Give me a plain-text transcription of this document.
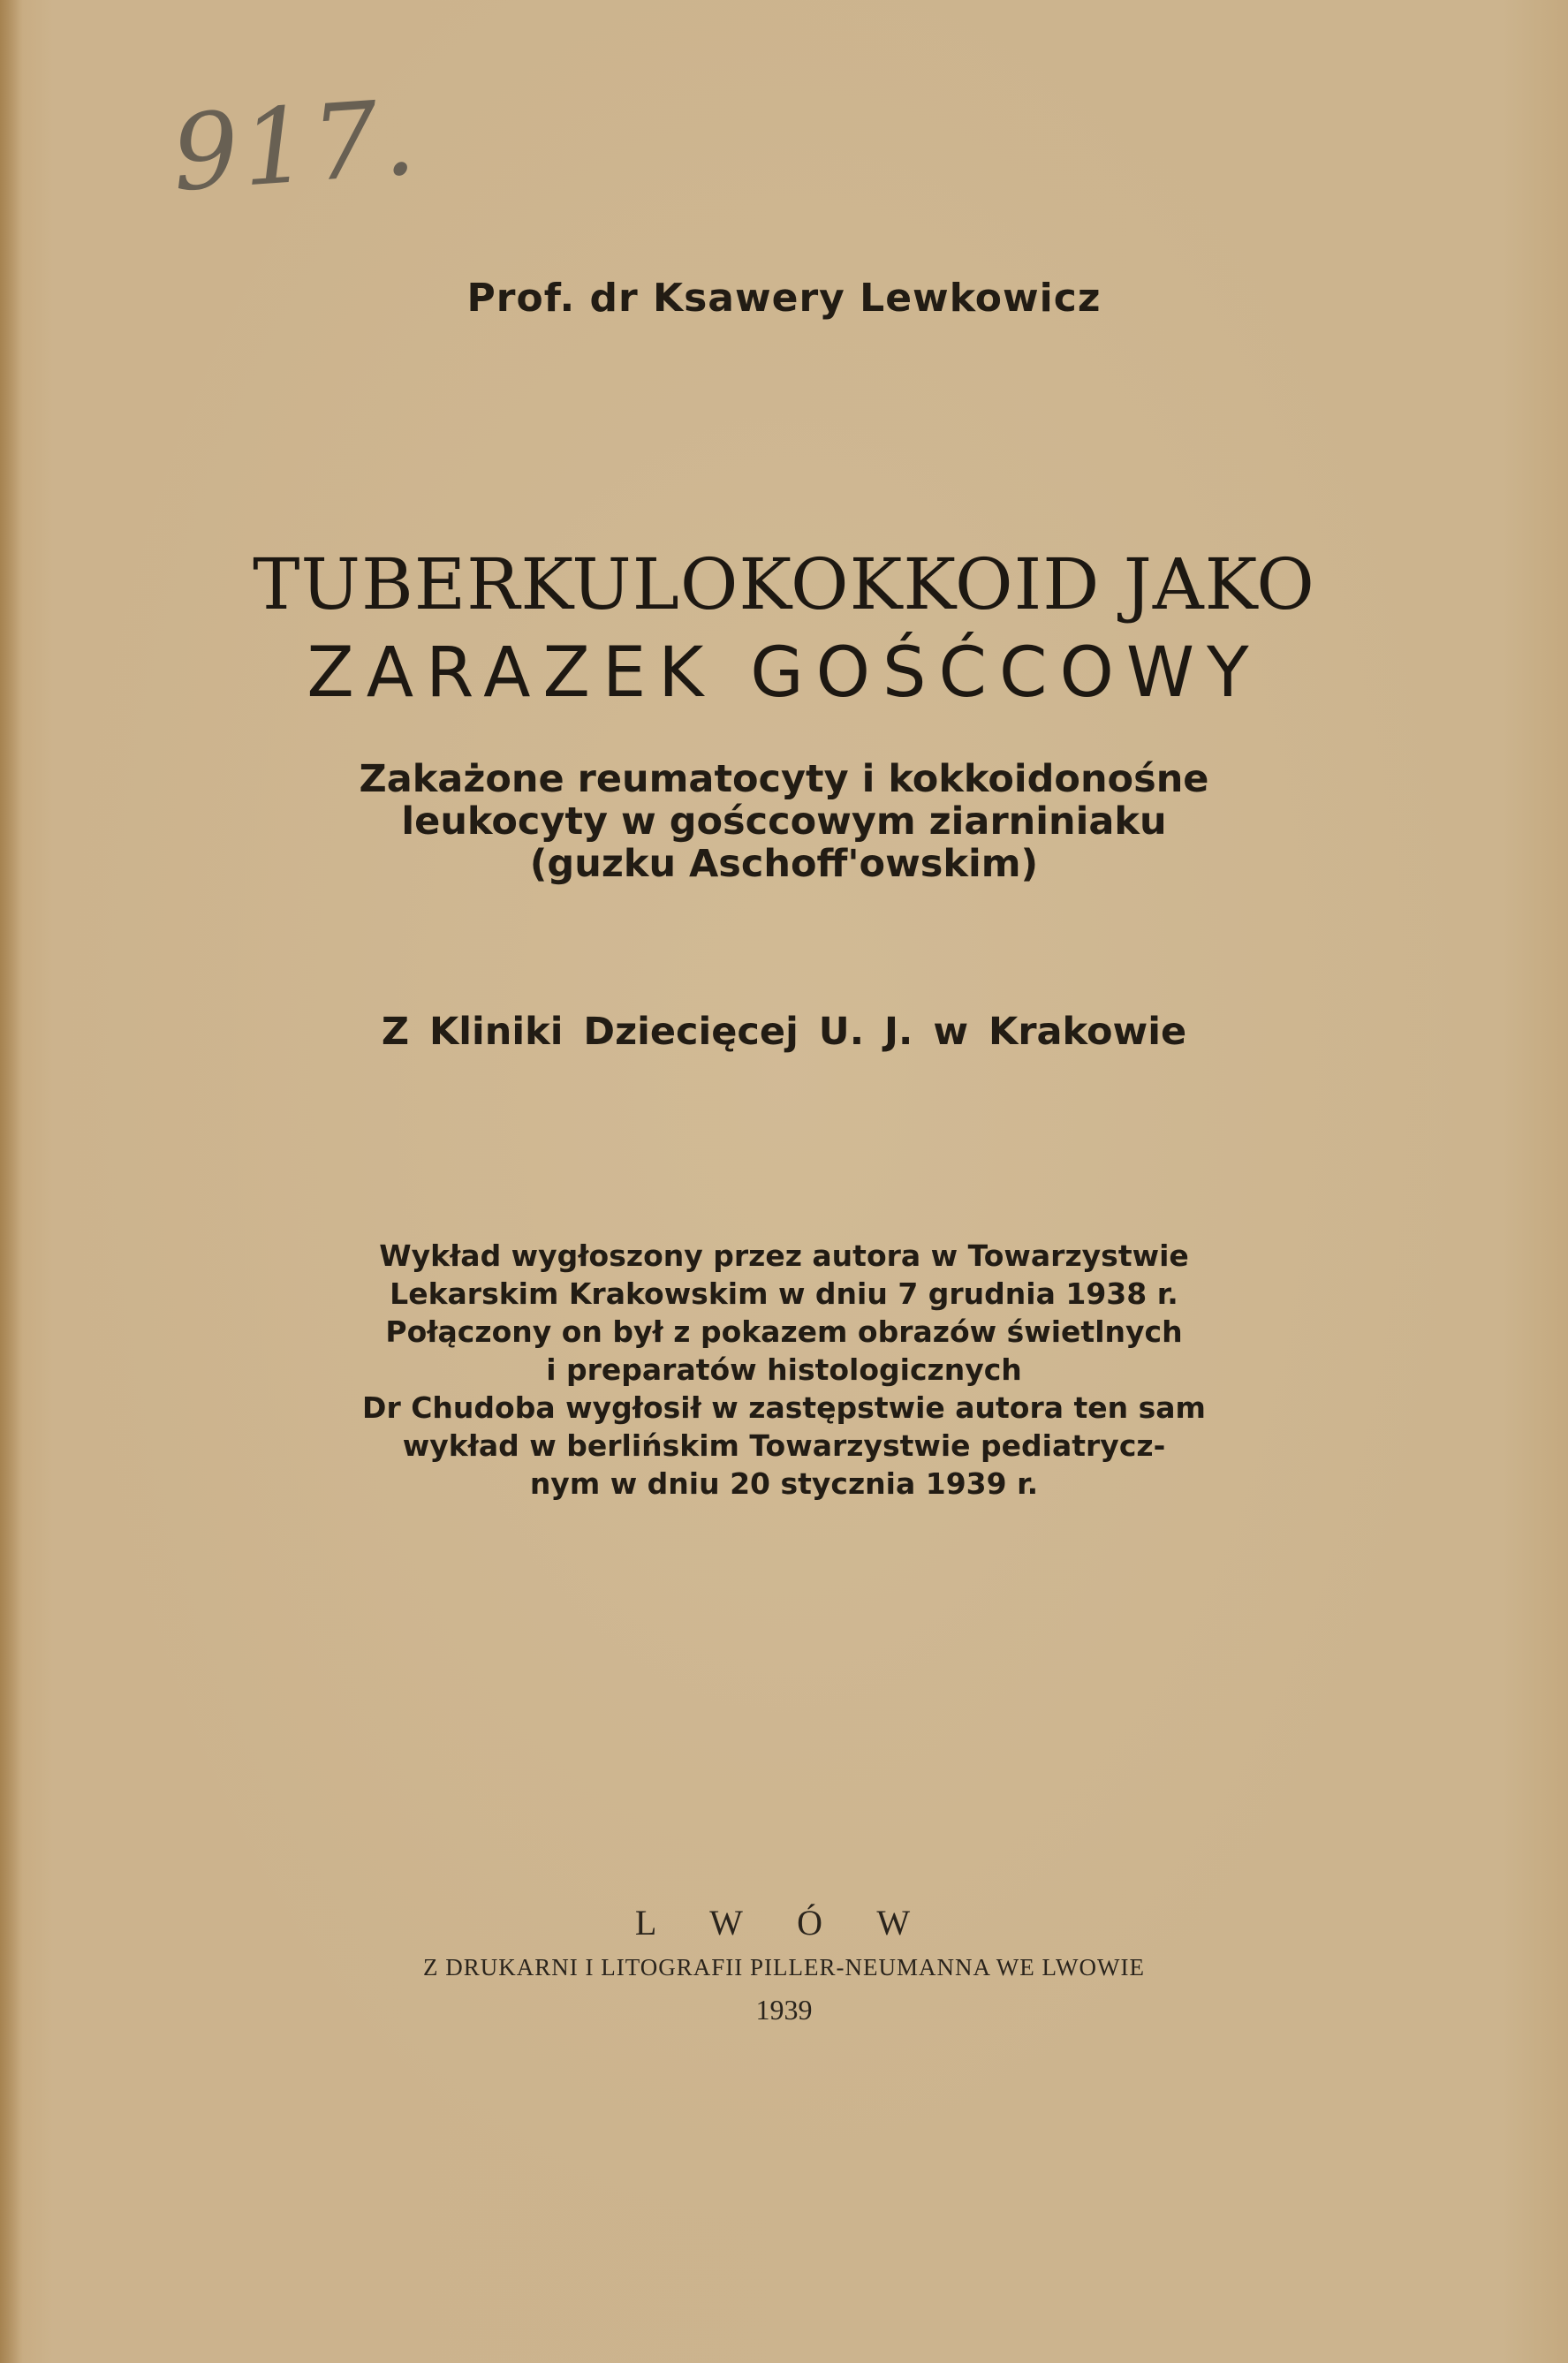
917.
Prof. dr Ksawery Lewkowicz
TUBERKULOKOKKOID JAKO
ZARAZEK GOŚĆCOWY
Zakażone reumatocyty i kokkoidonośne
leukocyty w gośccowym ziarniniaku
(guzku Aschoff'owskim)
Z Kliniki Dziecięcej U. J. w Krakowie
Wykład wygłoszony przez autora w Towarzystwie
Lekarskim Krakowskim w dniu 7 grudnia 1938 r.
Połączony on był z pokazem obrazów świetlnych
i preparatów histologicznych
Dr Chudoba wygłosił w zastępstwie autora ten sam
wykład w berlińskim Towarzystwie pediatrycz-
nym w dniu 20 stycznia 1939 r.
L W Ó W
Z DRUKARNI I LITOGRAFII PILLER-NEUMANNA WE LWOWIE
1939
